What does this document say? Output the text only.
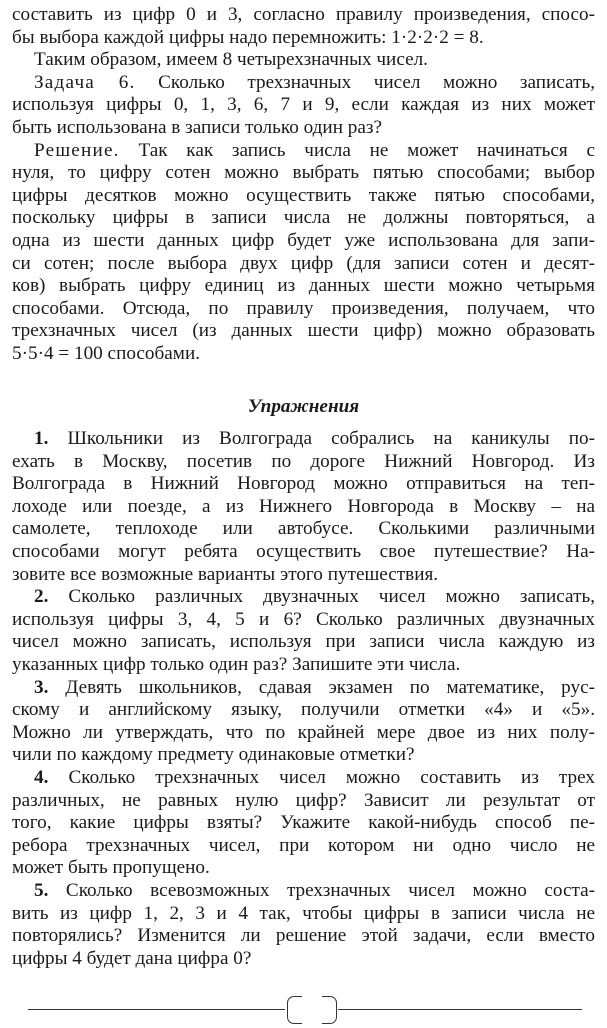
составить из цифр 0 и 3, согласно правилу произведения, спосо-
бы выбора каждой цифры надо перемножить: 1·2·2·2 = 8.
Таким образом, имеем 8 четырехзначных чисел.
Задача 6. Сколько трехзначных чисел можно записать,
используя цифры 0, 1, 3, 6, 7 и 9, если каждая из них может
быть использована в записи только один раз?
Решение. Так как запись числа не может начинаться с
нуля, то цифру сотен можно выбрать пятью способами; выбор
цифры десятков можно осуществить также пятью способами,
поскольку цифры в записи числа не должны повторяться, а
одна из шести данных цифр будет уже использована для запи-
си сотен; после выбора двух цифр (для записи сотен и десят-
ков) выбрать цифру единиц из данных шести можно четырьмя
способами. Отсюда, по правилу произведения, получаем, что
трехзначных чисел (из данных шести цифр) можно образовать
5·5·4 = 100 способами.
Упражнения
1. Школьники из Волгограда собрались на каникулы по-
ехать в Москву, посетив по дороге Нижний Новгород. Из
Волгограда в Нижний Новгород можно отправиться на теп-
лоходе или поезде, а из Нижнего Новгорода в Москву – на
самолете, теплоходе или автобусе. Сколькими различными
способами могут ребята осуществить свое путешествие? На-
зовите все возможные варианты этого путешествия.
2. Сколько различных двузначных чисел можно записать,
используя цифры 3, 4, 5 и 6? Сколько различных двузначных
чисел можно записать, используя при записи числа каждую из
указанных цифр только один раз? Запишите эти числа.
3. Девять школьников, сдавая экзамен по математике, рус-
скому и английскому языку, получили отметки «4» и «5».
Можно ли утверждать, что по крайней мере двое из них полу-
чили по каждому предмету одинаковые отметки?
4. Сколько трехзначных чисел можно составить из трех
различных, не равных нулю цифр? Зависит ли результат от
того, какие цифры взяты? Укажите какой-нибудь способ пе-
ребора трехзначных чисел, при котором ни одно число не
может быть пропущено.
5. Сколько всевозможных трехзначных чисел можно соста-
вить из цифр 1, 2, 3 и 4 так, чтобы цифры в записи числа не
повторялись? Изменится ли решение этой задачи, если вместо
цифры 4 будет дана цифра 0?
